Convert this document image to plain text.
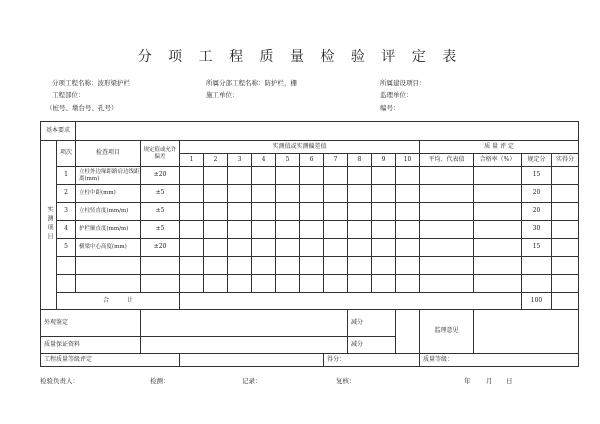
分 项 工 程 质 量 检 验 评 定 表
分项工程名称：波形梁护栏	所属分部工程名称：防护栏，栅	所属建设项目：
工程部位：	施工单位：	监理单位：
（桩号、墩台号、孔号）	编号：
基本要求																	
实测项目	项次	检查项目	规定值或允许偏差	实测值或实测偏差值										质 量 评 定			
				1	2	3	4	5	6	7	8	9	10	平均、代表值	合格率（%）	规定分	实得分
	1	立柱外边缘距路肩边线距离(mm)	±20													15	
	2	立柱中距(mm)	±5													20	
	3	立柱竖直度(mm/m)	±5													20	
	4	护栏顺直度(mm/m)	±5													30	
	5	横梁中心高度(mm)	±20													15	

	合　　　计															100	
外观鉴定											减分			监理意见			
质量保证资料											减分						
工程质量等级评定										得分：				质量等级：			
检验负责人：	检测：	记录：	复核：	年 月 日
